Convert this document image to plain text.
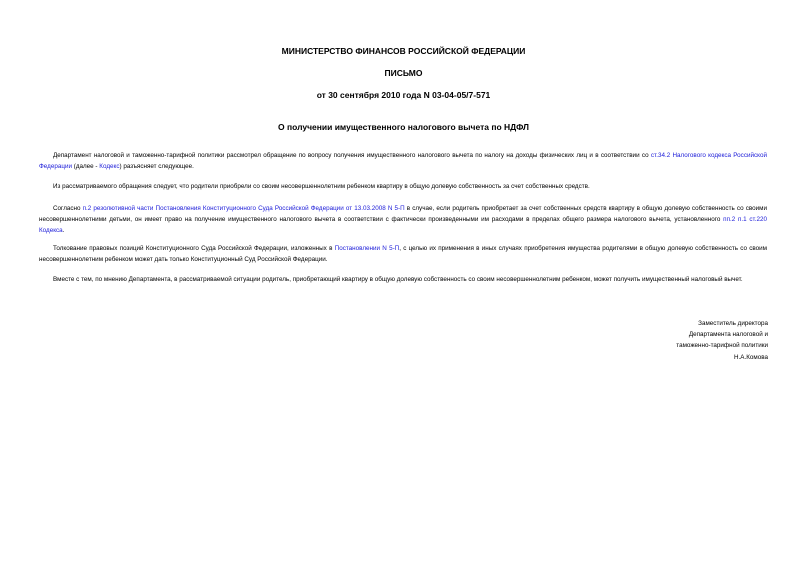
МИНИСТЕРСТВО ФИНАНСОВ РОССИЙСКОЙ ФЕДЕРАЦИИ
ПИСЬМО
от 30 сентября 2010 года N 03-04-05/7-571
О получении имущественного налогового вычета по НДФЛ

Департамент налоговой и таможенно-тарифной политики рассмотрел обращение по вопросу получения имущественного налогового вычета по налогу на доходы физических лиц и в соответствии со ст.34.2 Налогового кодекса Российской Федерации (далее - Кодекс) разъясняет следующее.

Из рассматриваемого обращения следует, что родители приобрели со своим несовершеннолетним ребенком квартиру в общую долевую собственность за счет собственных средств.

Согласно п.2 резолютивной части Постановления Конституционного Суда Российской Федерации от 13.03.2008 N 5-П в случае, если родитель приобретает за счет собственных средств квартиру в общую долевую собственность со своими несовершеннолетними детьми, он имеет право на получение имущественного налогового вычета в соответствии с фактически произведенными им расходами в пределах общего размера налогового вычета, установленного пп.2 п.1 ст.220 Кодекса.

Толкование правовых позиций Конституционного Суда Российской Федерации, изложенных в Постановлении N 5-П, с целью их применения в иных случаях приобретения имущества родителями в общую долевую собственность со своим несовершеннолетним ребенком может дать только Конституционный Суд Российской Федерации.

Вместе с тем, по мнению Департамента, в рассматриваемой ситуации родитель, приобретающий квартиру в общую долевую собственность со своим несовершеннолетним ребенком, может получить имущественный налоговый вычет.

Заместитель директора
Департамента налоговой и
таможенно-тарифной политики
Н.А.Комова
